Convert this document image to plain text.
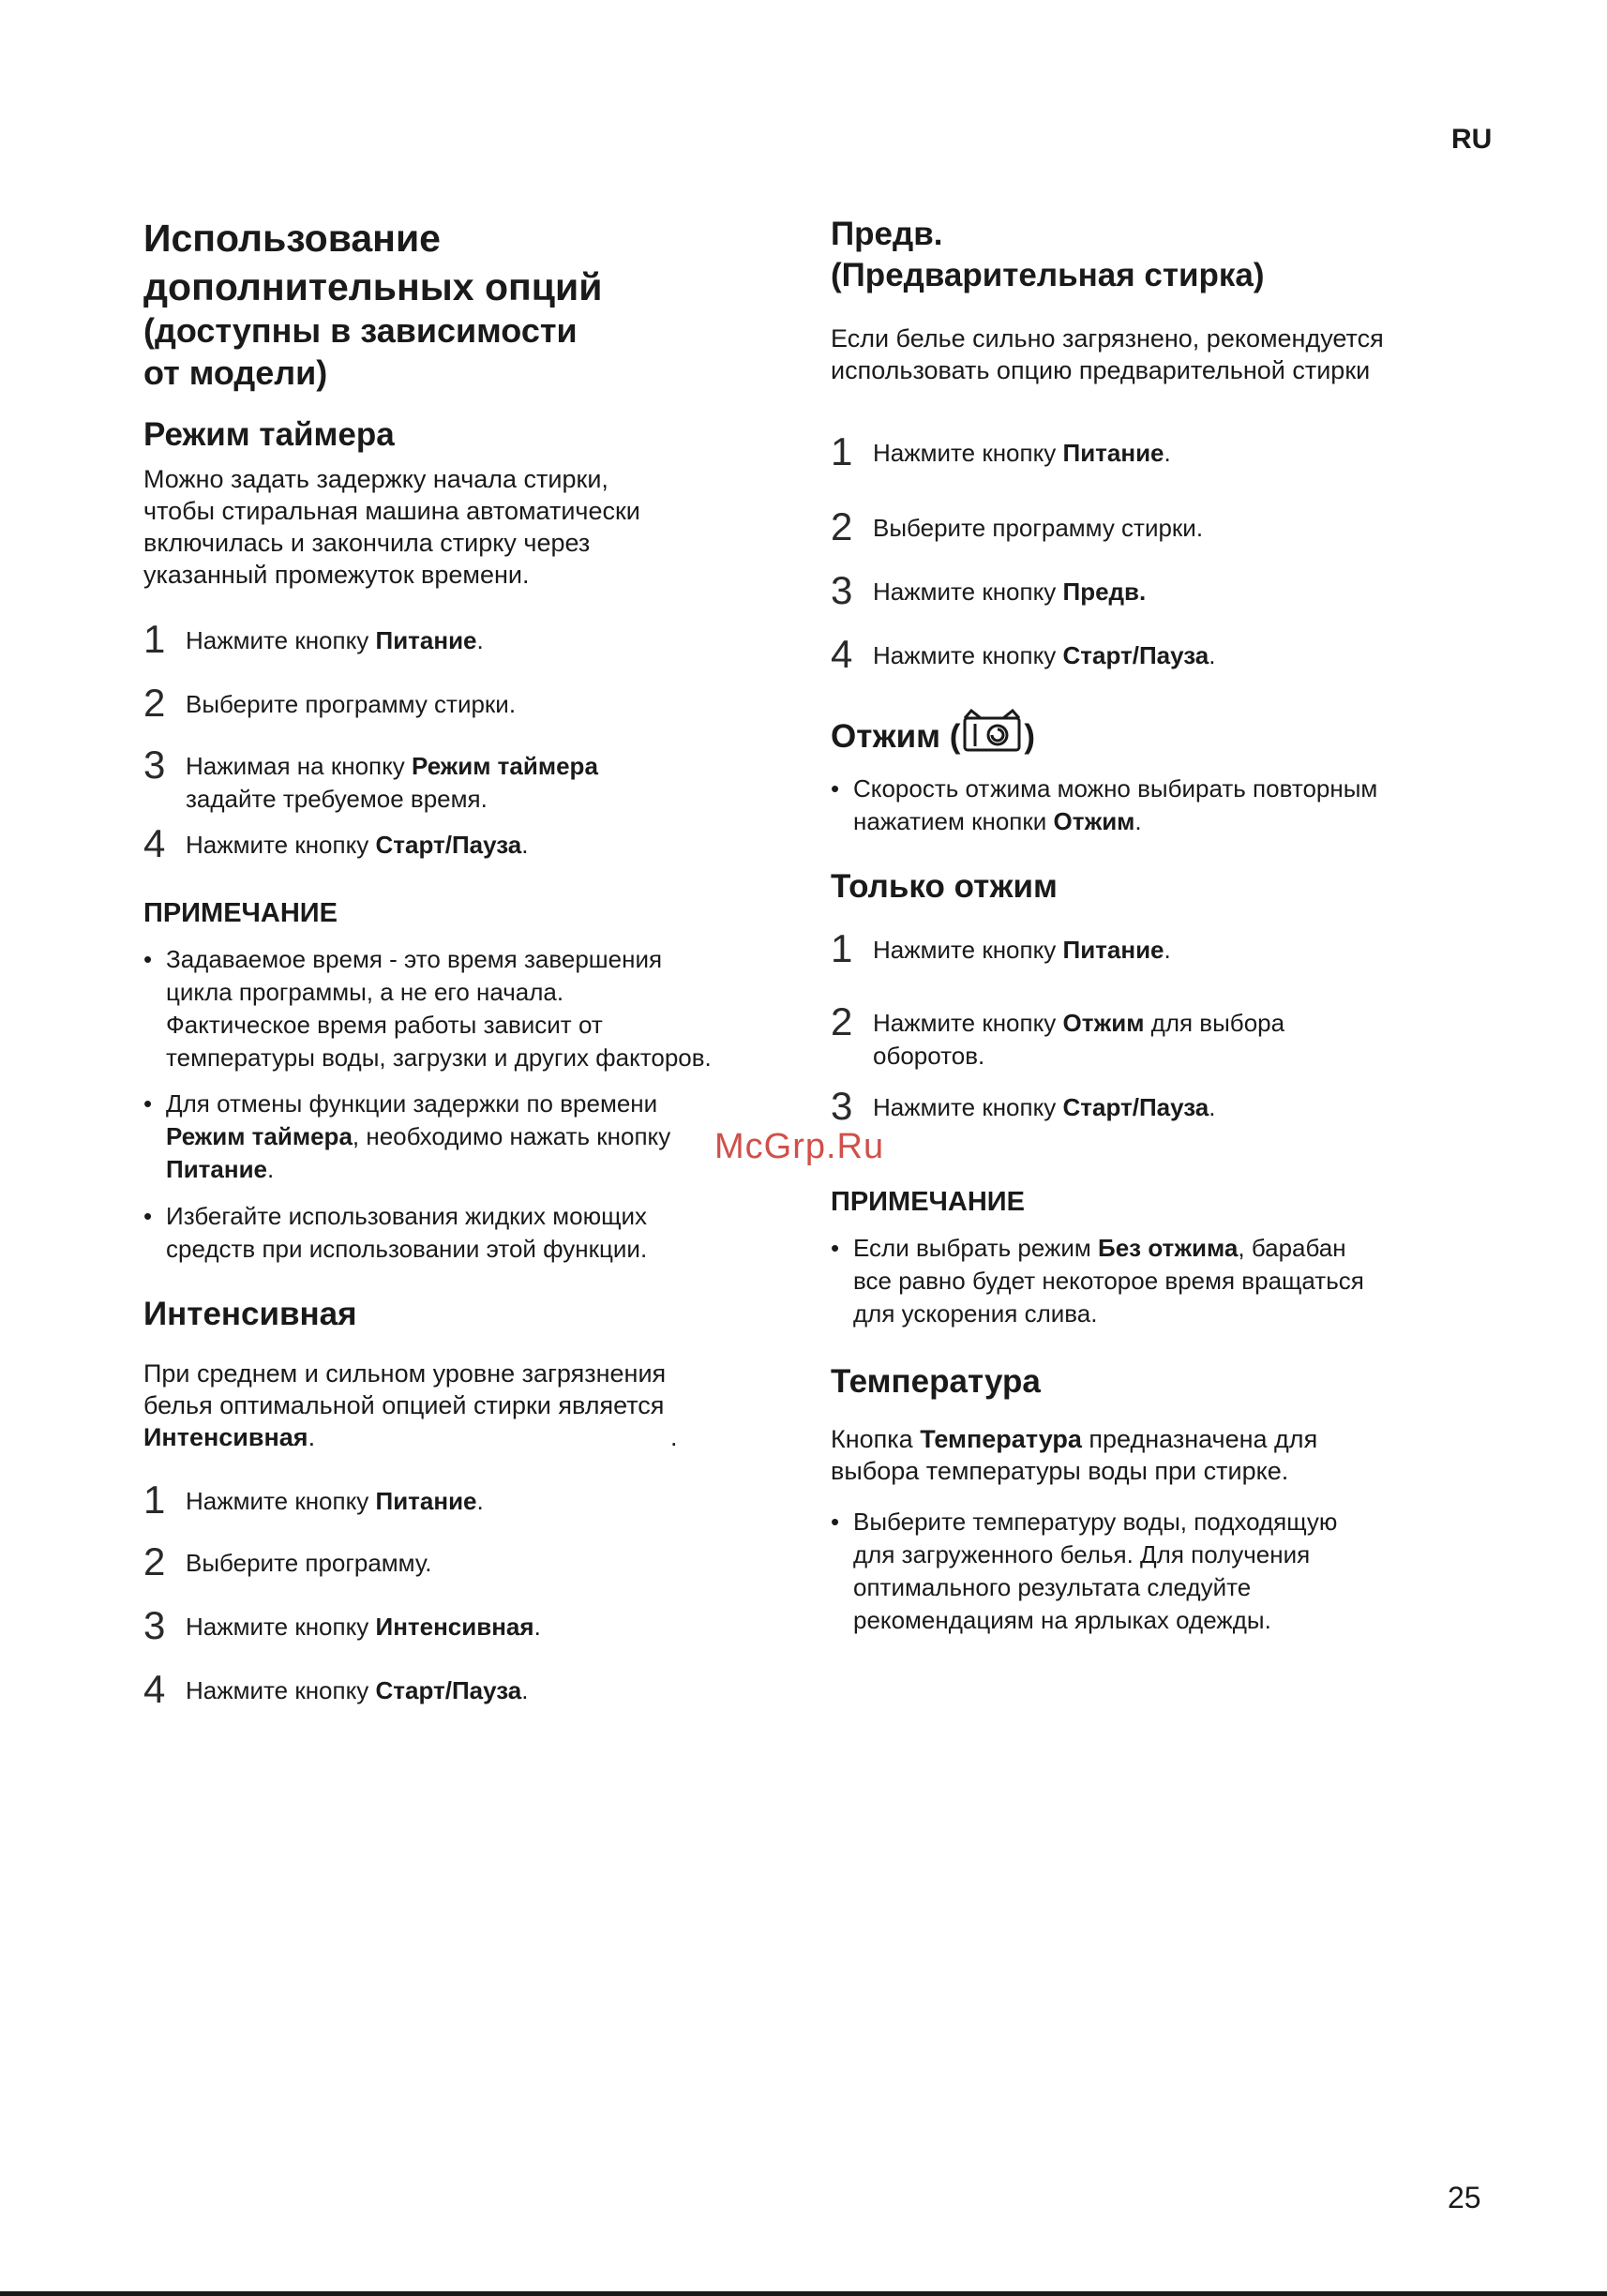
RU
Использование
дополнительных опций
(доступны в зависимости
от модели)
Режим таймера
Можно задать задержку начала стирки,
чтобы стиральная машина автоматически
включилась и закончила стирку через
указанный промежуток времени.
1 Нажмите кнопку Питание.
2 Выберите программу стирки.
3 Нажимая на кнопку Режим таймера
задайте требуемое время.
4 Нажмите кнопку Старт/Пауза.
ПРИМЕЧАНИЕ
• Задаваемое время - это время завершения
цикла программы, а не его начала.
Фактическое время работы зависит от
температуры воды, загрузки и других факторов.
• Для отмены функции задержки по времени
Режим таймера, необходимо нажать кнопку
Питание.
• Избегайте использования жидких моющих
средств при использовании этой функции.
Интенсивная
При среднем и сильном уровне загрязнения
белья оптимальной опцией стирки является
Интенсивная.	.
1 Нажмите кнопку Питание.
2 Выберите программу.
3 Нажмите кнопку Интенсивная.
4 Нажмите кнопку Старт/Пауза.
Предв.
(Предварительная стирка)
Если белье сильно загрязнено, рекомендуется
использовать опцию предварительной стирки
1 Нажмите кнопку Питание.
2 Выберите программу стирки.
3 Нажмите кнопку Предв.
4 Нажмите кнопку Старт/Пауза.
Отжим ( )
• Скорость отжима можно выбирать повторным
нажатием кнопки Отжим.
Только отжим
1 Нажмите кнопку Питание.
2 Нажмите кнопку Отжим для выбора
оборотов.
3 Нажмите кнопку Старт/Пауза.
ПРИМЕЧАНИЕ
• Если выбрать режим Без отжима, барабан
все равно будет некоторое время вращаться
для ускорения слива.
Температура
Кнопка Температура предназначена для
выбора температуры воды при стирке.
• Выберите температуру воды, подходящую
для загруженного белья. Для получения
оптимального результата следуйте
рекомендациям на ярлыках одежды.
McGrp.Ru
25
